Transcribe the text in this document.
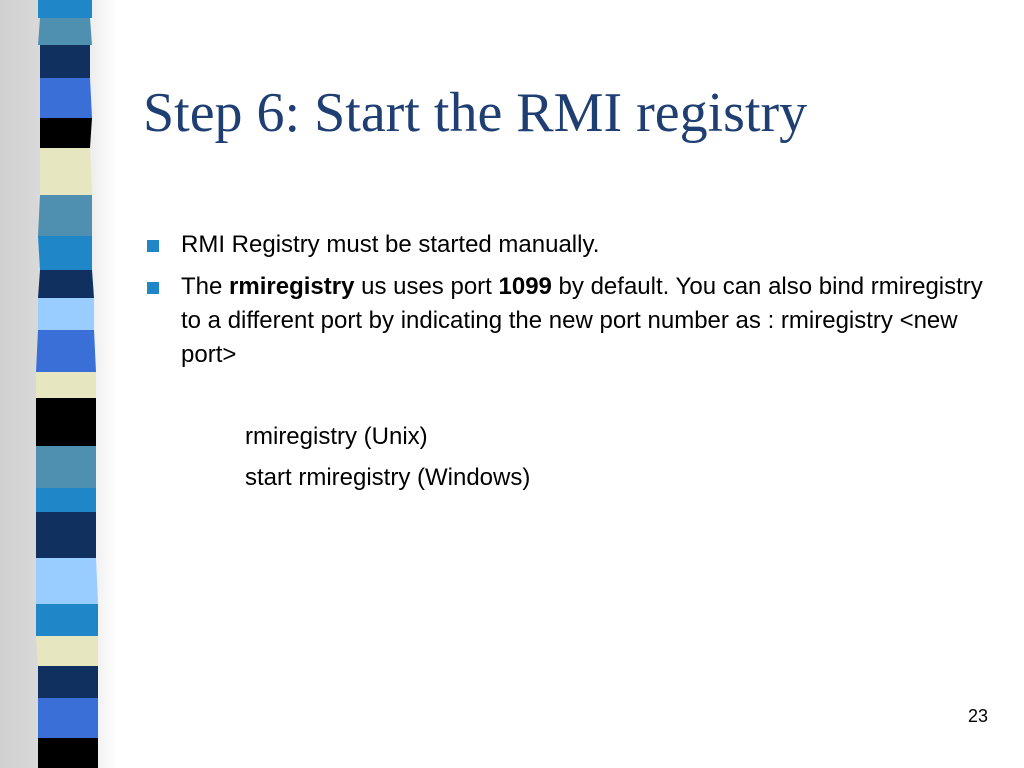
Step 6: Start the RMI registry
RMI Registry must be started manually.
The rmiregistry us uses port 1099 by default. You can also bind rmiregistry to a different port by indicating the new port number as : rmiregistry <new port>
rmiregistry (Unix)
start rmiregistry (Windows)
23
